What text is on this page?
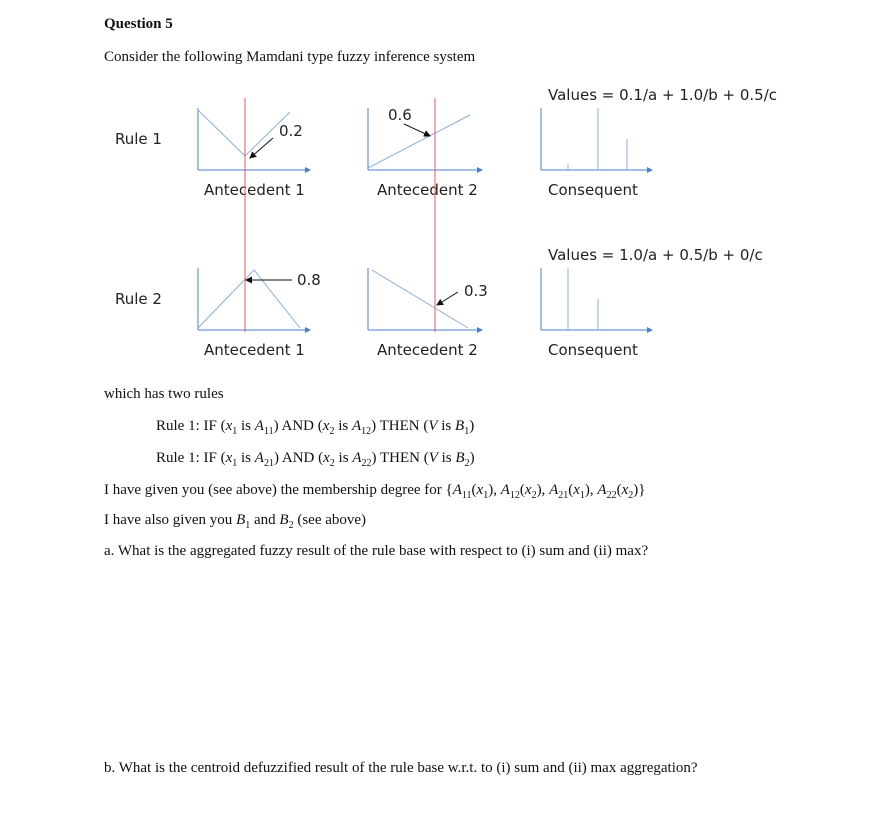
Question 5
Consider the following Mamdani type fuzzy inference system
Rule 1
Rule 2
Values = 0.1/a + 1.0/b + 0.5/c
Values = 1.0/a + 0.5/b + 0/c
0.2
0.6
0.8
0.3
Antecedent 1	Antecedent 2	Consequent
Antecedent 1	Antecedent 2	Consequent
which has two rules
Rule 1: IF ($x_1$ is $A_{11}$) AND ($x_2$ is $A_{12}$) THEN (V is $B_1$)
Rule 1: IF ($x_1$ is $A_{21}$) AND ($x_2$ is $A_{22}$) THEN (V is $B_2$)
I have given you (see above) the membership degree for {$A_{11}(x_1)$, $A_{12}(x_2)$, $A_{21}(x_1)$, $A_{22}(x_2)$}
I have also given you $B_1$ and $B_2$ (see above)
a. What is the aggregated fuzzy result of the rule base with respect to (i) sum and (ii) max?
b. What is the centroid defuzzified result of the rule base w.r.t. to (i) sum and (ii) max aggregation?
